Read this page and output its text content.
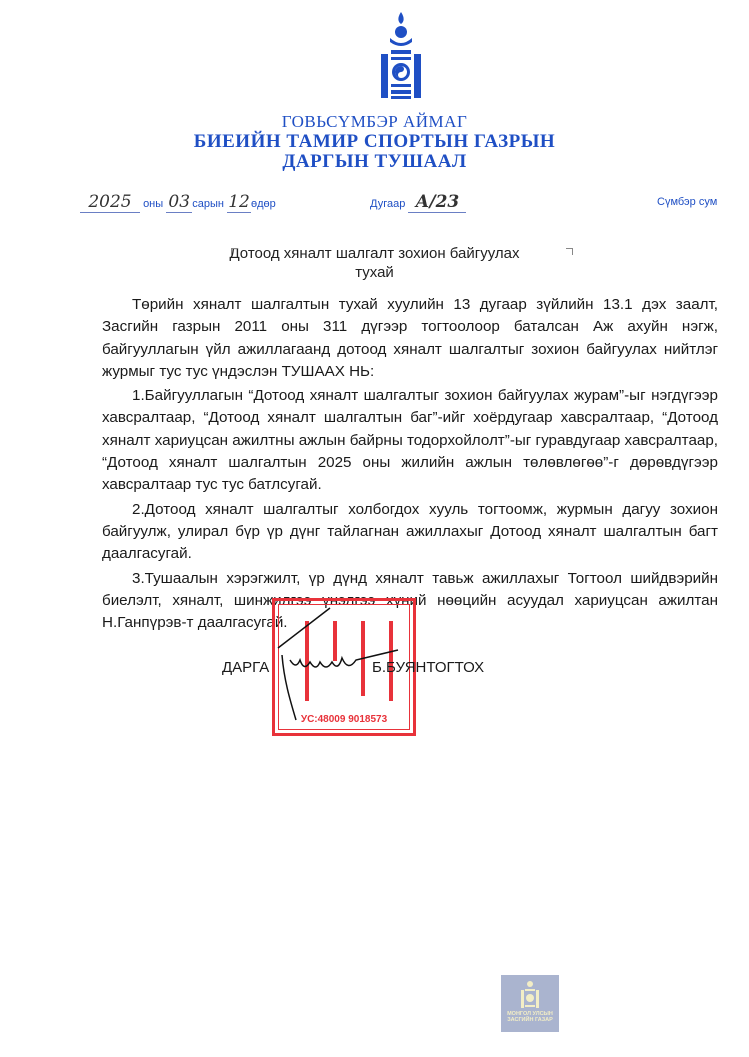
ГОВЬСҮМБЭР АЙМАГ
БИЕИЙН ТАМИР СПОРТЫН ГАЗРЫН
ДАРГЫН ТУШААЛ
2025 оны 03 сарын 12өдөр	Дугаар А/23	Сүмбэр сум
Дотоод хяналт шалгалт зохион байгуулах
тухай

Төрийн хяналт шалгалтын тухай хуулийн 13 дугаар зүйлийн 13.1 дэх заалт, Засгийн газрын 2011 оны 311 дүгээр тогтоолоор баталсан Аж ахуйн нэгж, байгууллагын үйл ажиллагаанд дотоод хяналт шалгалтыг зохион байгуулах нийтлэг журмыг тус тус үндэслэн ТУШААХ НЬ:

1.Байгууллагын “Дотоод хяналт шалгалтыг зохион байгуулах журам”-ыг нэгдүгээр хавсралтаар, “Дотоод хяналт шалгалтын баг”-ийг хоёрдугаар хавсралтаар, “Дотоод хяналт хариуцсан ажилтны ажлын байрны тодорхойлолт”-ыг гуравдугаар хавсралтаар, “Дотоод хяналт шалгалтын 2025 оны жилийн ажлын төлөвлөгөө”-г дөрөвдүгээр хавсралтаар тус тус батлсугай.

2.Дотоод хяналт шалгалтыг холбогдох хууль тогтоомж, журмын дагуу зохион байгуулж, улирал бүр үр дүнг тайлагнан ажиллахыг Дотоод хяналт шалгалтын багт даалгасугай.

3.Тушаалын хэрэгжилт, үр дүнд хяналт тавьж ажиллахыг Тогтоол шийдвэрийн биелэлт, хяналт, шинжилгээ үнэлгээ хүний нөөцийн асуудал хариуцсан ажилтан Н.Ганпүрэв-т даалгасугай.

УС:48009 9018573
ДАРГА	Б.БУЯНТОГТОХ
МОНГОЛ УЛСЫН
ЗАСГИЙН ГАЗАР
